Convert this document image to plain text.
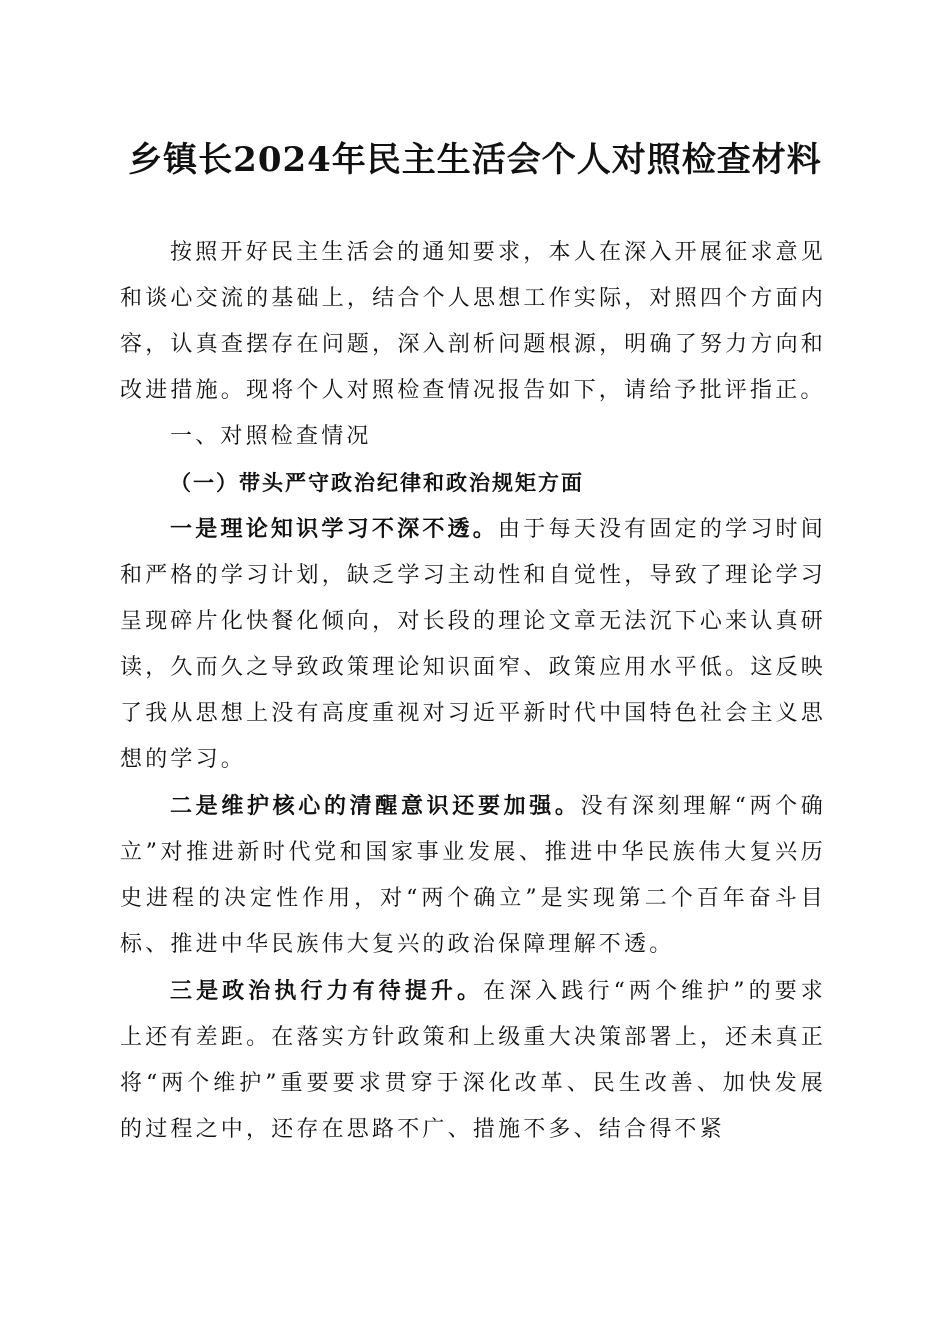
乡镇长2024年民主生活会个人对照检查材料

按照开好民主生活会的通知要求，本人在深入开展征求意见和谈心交流的基础上，结合个人思想工作实际，对照四个方面内容，认真查摆存在问题，深入剖析问题根源，明确了努力方向和改进措施。现将个人对照检查情况报告如下，请给予批评指正。

一、对照检查情况

（一）带头严守政治纪律和政治规矩方面

一是理论知识学习不深不透。由于每天没有固定的学习时间和严格的学习计划，缺乏学习主动性和自觉性，导致了理论学习呈现碎片化快餐化倾向，对长段的理论文章无法沉下心来认真研读，久而久之导致政策理论知识面窄、政策应用水平低。这反映了我从思想上没有高度重视对习近平新时代中国特色社会主义思想的学习。

二是维护核心的清醒意识还要加强。没有深刻理解“两个确立”对推进新时代党和国家事业发展、推进中华民族伟大复兴历史进程的决定性作用，对“两个确立”是实现第二个百年奋斗目标、推进中华民族伟大复兴的政治保障理解不透。

三是政治执行力有待提升。在深入践行“两个维护”的要求上还有差距。在落实方针政策和上级重大决策部署上，还未真正将“两个维护”重要要求贯穿于深化改革、民生改善、加快发展的过程之中，还存在思路不广、措施不多、结合得不紧
